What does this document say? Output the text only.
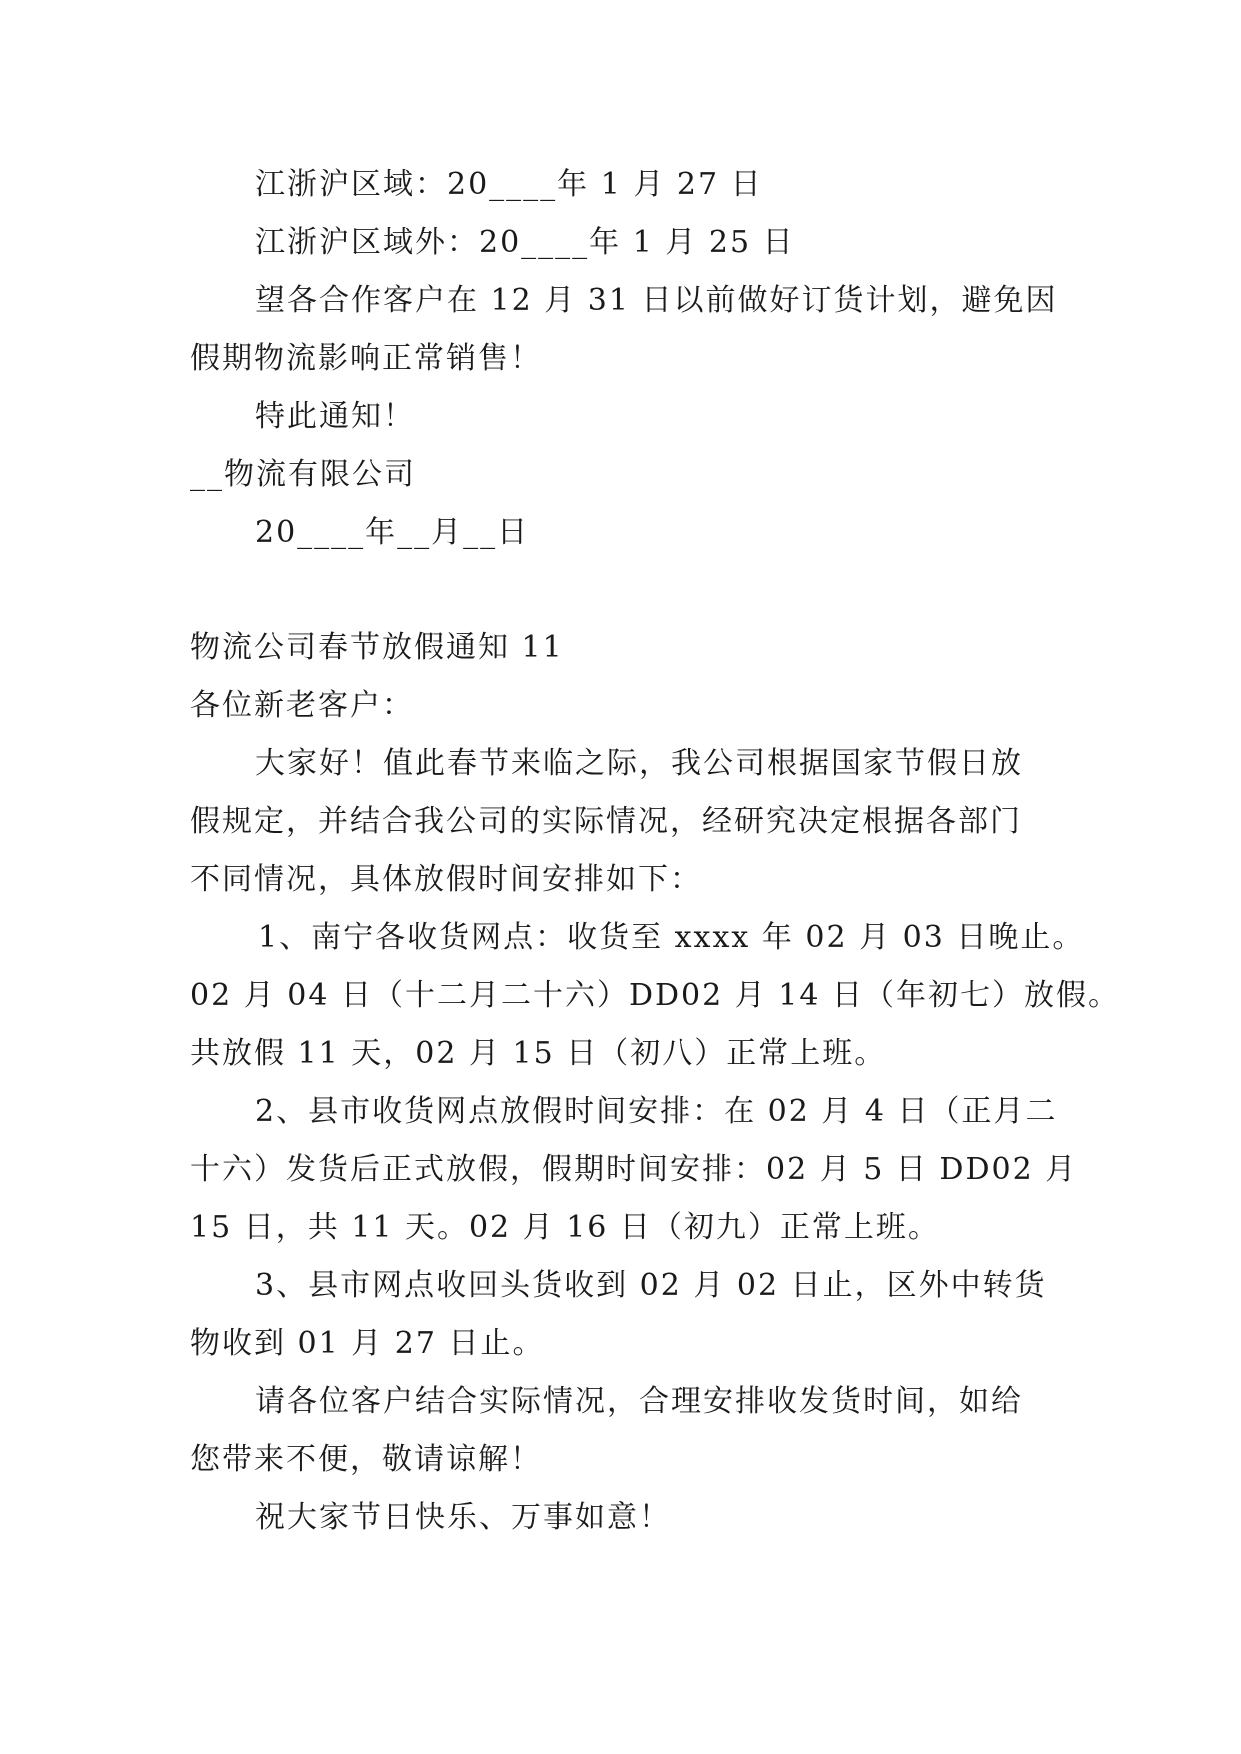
江浙沪区域：20____年 1 月 27 日
江浙沪区域外：20____年 1 月 25 日
望各合作客户在 12 月 31 日以前做好订货计划，避免因
假期物流影响正常销售！
特此通知！
__物流有限公司
20____年__月__日
物流公司春节放假通知 11
各位新老客户：
大家好！值此春节来临之际，我公司根据国家节假日放
假规定，并结合我公司的实际情况，经研究决定根据各部门
不同情况，具体放假时间安排如下：
1、南宁各收货网点：收货至 xxxx 年 02 月 03 日晚止。
02 月 04 日（十二月二十六）DD02 月 14 日（年初七）放假。
共放假 11 天，02 月 15 日（初八）正常上班。
2、县市收货网点放假时间安排：在 02 月 4 日（正月二
十六）发货后正式放假，假期时间安排：02 月 5 日 DD02 月
15 日，共 11 天。02 月 16 日（初九）正常上班。
3、县市网点收回头货收到 02 月 02 日止，区外中转货
物收到 01 月 27 日止。
请各位客户结合实际情况，合理安排收发货时间，如给
您带来不便，敬请谅解！
祝大家节日快乐、万事如意！
